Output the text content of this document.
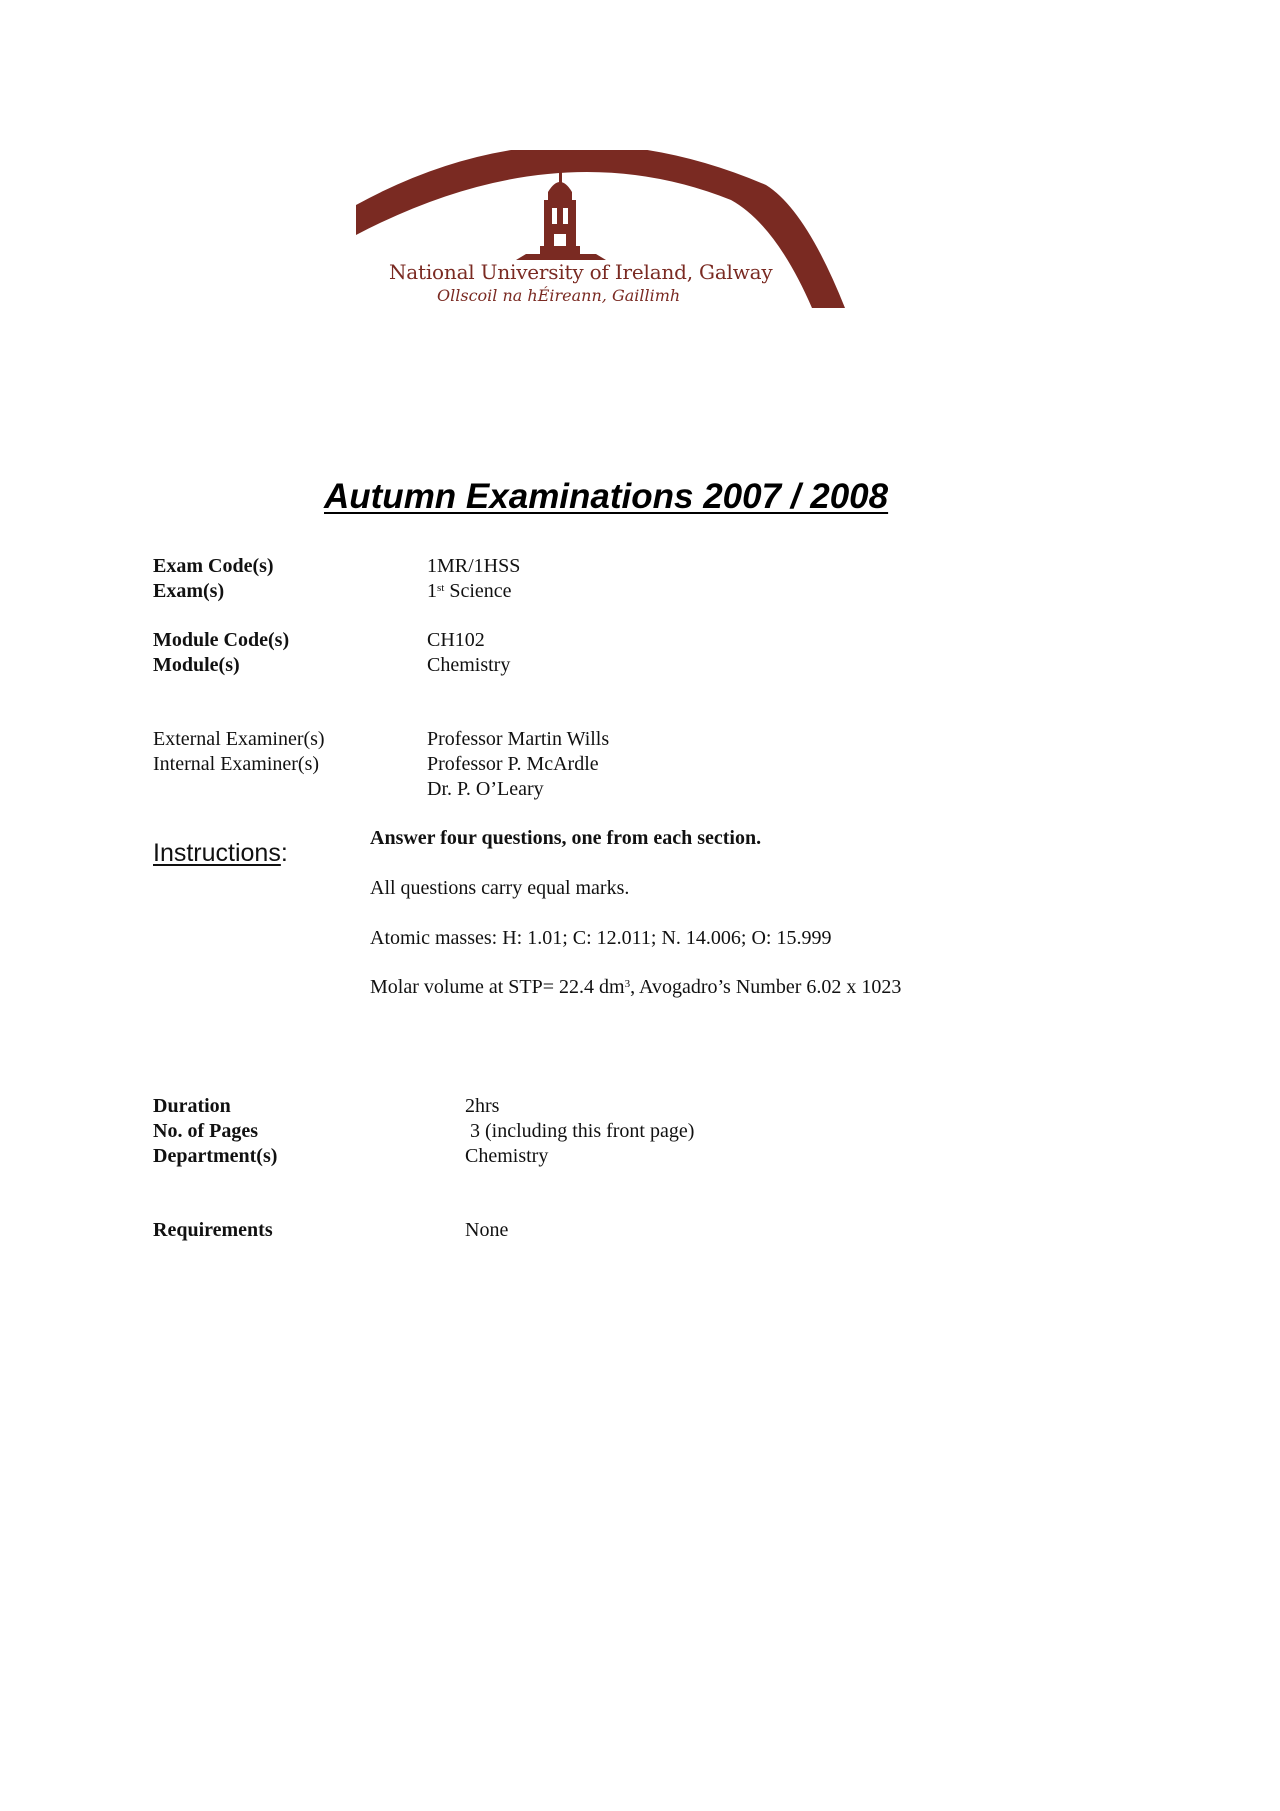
National University of Ireland, Galway
Ollscoil na hÉireann, Gaillimh
Autumn Examinations 2007 / 2008
Exam Code(s)	1MR/1HSS
Exam(s)	1st Science
Module Code(s)	CH102
Module(s)	Chemistry
External Examiner(s)	Professor Martin Wills
Internal Examiner(s)	Professor P. McArdle
Dr. P. O’Leary
Instructions:
Answer four questions, one from each section.
All questions carry equal marks.
Atomic masses: H: 1.01; C: 12.011; N. 14.006; O: 15.999
Molar volume at STP= 22.4 $dm^3$, Avogadro’s Number 6.02 x 1023
Duration	2hrs
No. of Pages	3 (including this front page)
Department(s)	Chemistry
Requirements	None
